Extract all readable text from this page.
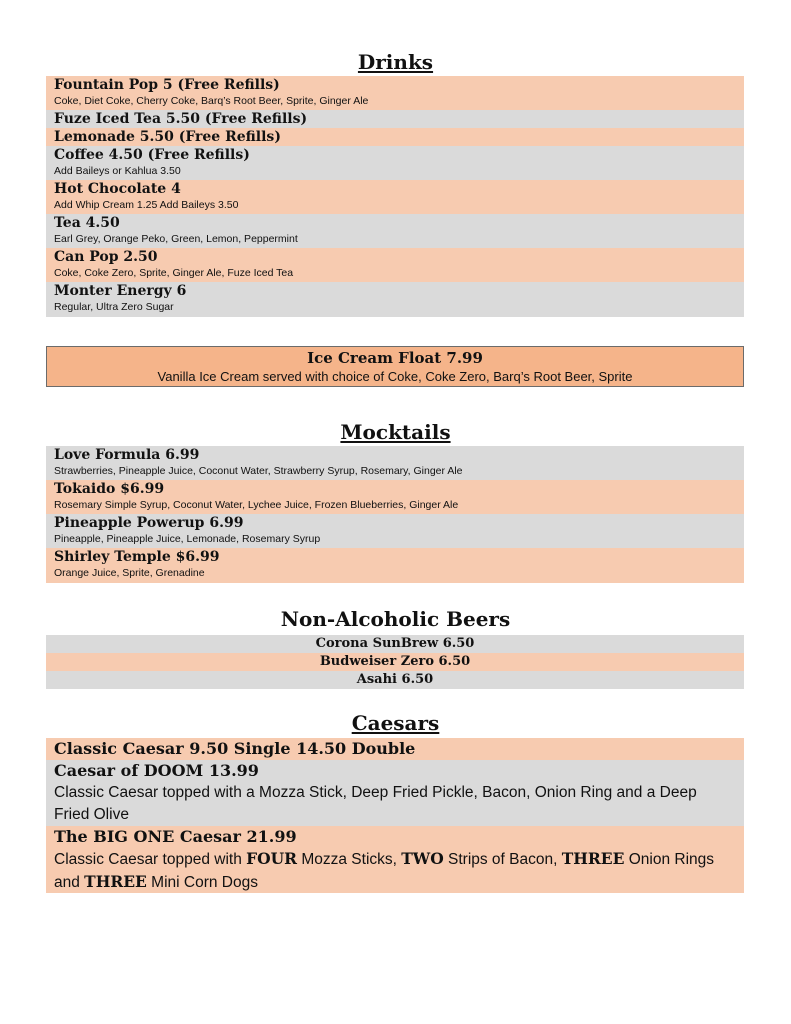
Drinks
Fountain Pop 5 (Free Refills)
Coke, Diet Coke, Cherry Coke, Barq’s Root Beer, Sprite, Ginger Ale
Fuze Iced Tea 5.50 (Free Refills)
Lemonade 5.50 (Free Refills)
Coffee 4.50 (Free Refills)
Add Baileys or Kahlua 3.50
Hot Chocolate 4
Add Whip Cream 1.25 Add Baileys 3.50
Tea 4.50
Earl Grey, Orange Peko, Green, Lemon, Peppermint
Can Pop 2.50
Coke, Coke Zero, Sprite, Ginger Ale, Fuze Iced Tea
Monter Energy 6
Regular, Ultra Zero Sugar
Ice Cream Float 7.99
Vanilla Ice Cream served with choice of Coke, Coke Zero, Barq’s Root Beer, Sprite
Mocktails
Love Formula 6.99
Strawberries, Pineapple Juice, Coconut Water, Strawberry Syrup, Rosemary, Ginger Ale
Tokaido $6.99
Rosemary Simple Syrup, Coconut Water, Lychee Juice, Frozen Blueberries, Ginger Ale
Pineapple Powerup 6.99
Pineapple, Pineapple Juice, Lemonade, Rosemary Syrup
Shirley Temple $6.99
Orange Juice, Sprite, Grenadine
Non-Alcoholic Beers
Corona SunBrew 6.50
Budweiser Zero 6.50
Asahi 6.50
Caesars
Classic Caesar 9.50 Single 14.50 Double
Caesar of DOOM 13.99
Classic Caesar topped with a Mozza Stick, Deep Fried Pickle, Bacon, Onion Ring and a Deep Fried Olive
The BIG ONE Caesar 21.99
Classic Caesar topped with FOUR Mozza Sticks, TWO Strips of Bacon, THREE Onion Rings and THREE Mini Corn Dogs
